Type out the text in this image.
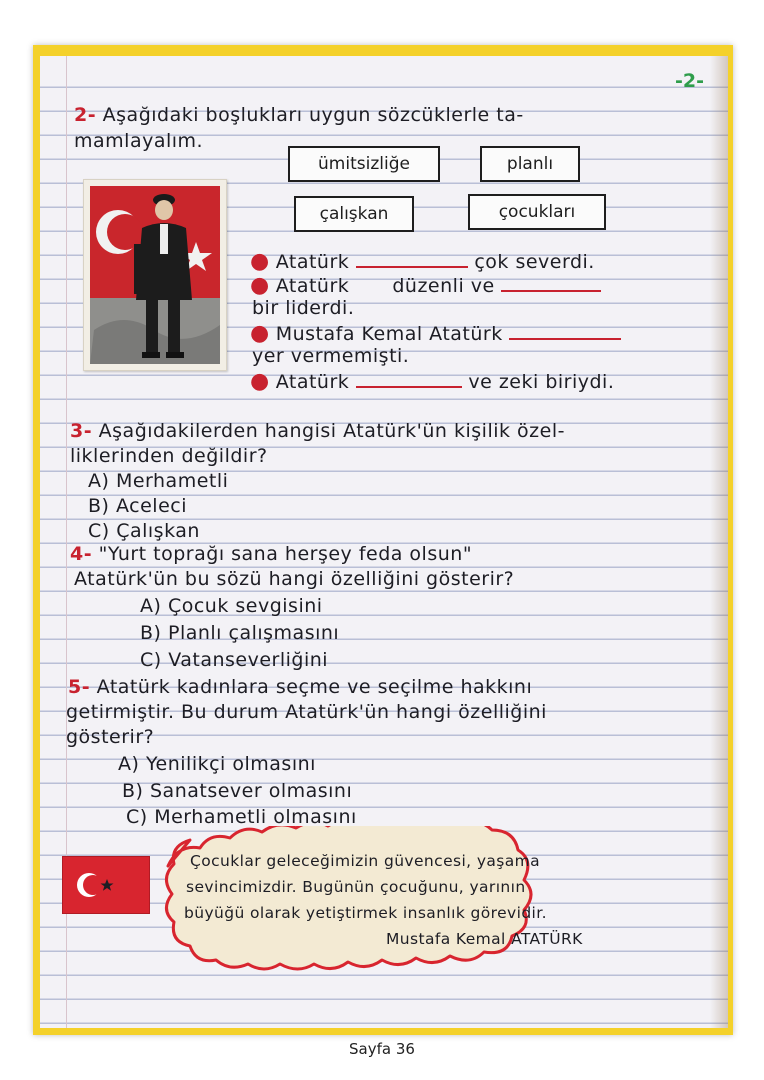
-2-
2- Aşağıdaki boşlukları uygun sözcüklerle ta-
mamlayalım.
ümitsizliğe	planlı
çalışkan	çocukları
● Atatürk	çok severdi.
● Atatürk düzenli ve
bir liderdi.
● Mustafa Kemal Atatürk
yer vermemişti.
● Atatürk	ve zeki biriydi.
3- Aşağıdakilerden hangisi Atatürk'ün kişilik özel-
liklerinden değildir?
A) Merhametli
B) Aceleci
C) Çalışkan
4- "Yurt toprağı sana herşey feda olsun"
Atatürk'ün bu sözü hangi özelliğini gösterir?
A) Çocuk sevgisini
B) Planlı çalışmasını
C) Vatanseverliğini
5- Atatürk kadınlara seçme ve seçilme hakkını
getirmiştir. Bu durum Atatürk'ün hangi özelliğini
gösterir?
A) Yenilikçi olmasını
B) Sanatsever olmasını
C) Merhametli olmasını
Çocuklar geleceğimizin güvencesi, yaşama
sevincimizdir. Bugünün çocuğunu, yarının
büyüğü olarak yetiştirmek insanlık görevidir.
Mustafa Kemal ATATÜRK
Sayfa 36
